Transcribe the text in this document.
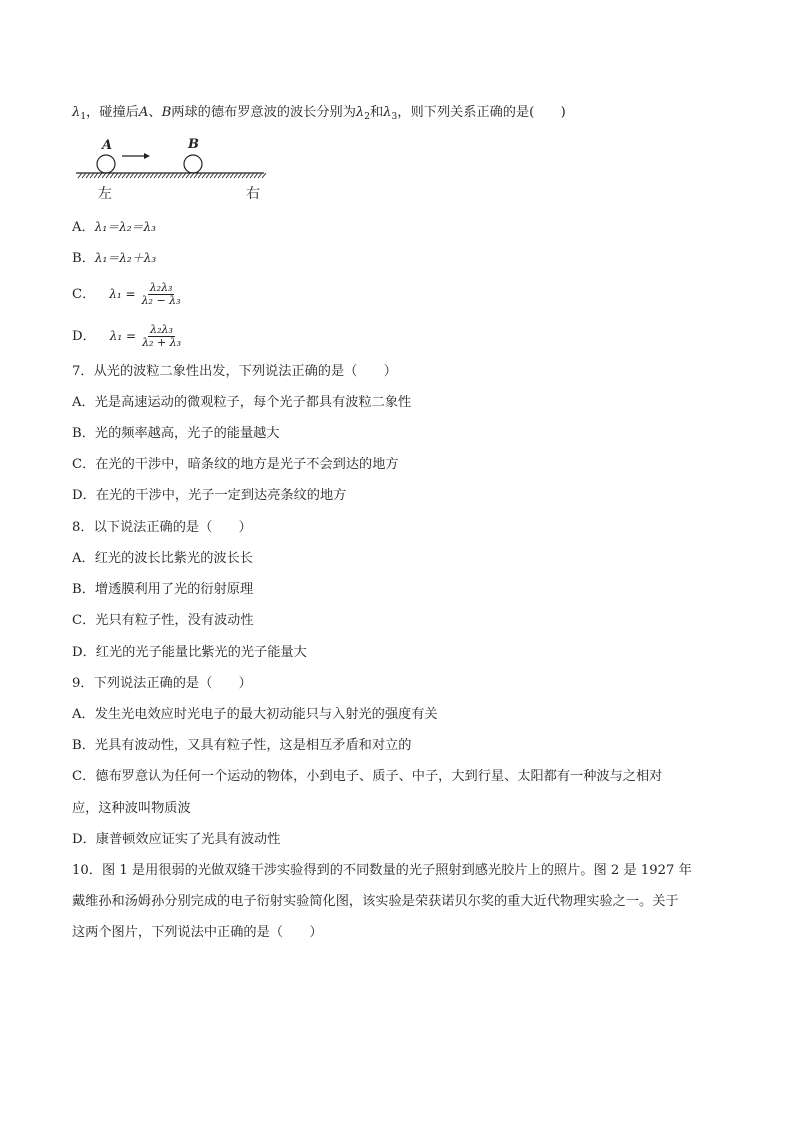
$\lambda_1$，碰撞后A、B两球的德布罗意波的波长分别为$\lambda_2$和$\lambda_3$，则下列关系正确的是(　　)
A	B
左	右
A．λ₁＝λ₂＝λ₃
B．λ₁＝λ₂＋λ₃
C． $\lambda_1 = \frac{\text{λ₂λ₃}}{\text{λ₂ − λ₃}}$
D． $\lambda_1 = \frac{\text{λ₂λ₃}}{\text{λ₂ + λ₃}}$
7．从光的波粒二象性出发，下列说法正确的是（　　）
A．光是高速运动的微观粒子，每个光子都具有波粒二象性
B．光的频率越高，光子的能量越大
C．在光的干涉中，暗条纹的地方是光子不会到达的地方
D．在光的干涉中，光子一定到达亮条纹的地方
8．以下说法正确的是（　　）
A．红光的波长比紫光的波长长
B．增透膜利用了光的衍射原理
C．光只有粒子性，没有波动性
D．红光的光子能量比紫光的光子能量大
9．下列说法正确的是（　　）
A．发生光电效应时光电子的最大初动能只与入射光的强度有关
B．光具有波动性，又具有粒子性，这是相互矛盾和对立的
C．德布罗意认为任何一个运动的物体，小到电子、质子、中子，大到行星、太阳都有一种波与之相对
应，这种波叫物质波
D．康普顿效应证实了光具有波动性
10．图 1 是用很弱的光做双缝干涉实验得到的不同数量的光子照射到感光胶片上的照片。图 2 是 1927 年
戴维孙和汤姆孙分别完成的电子衍射实验简化图，该实验是荣获诺贝尔奖的重大近代物理实验之一。关于
这两个图片，下列说法中正确的是（　　）
